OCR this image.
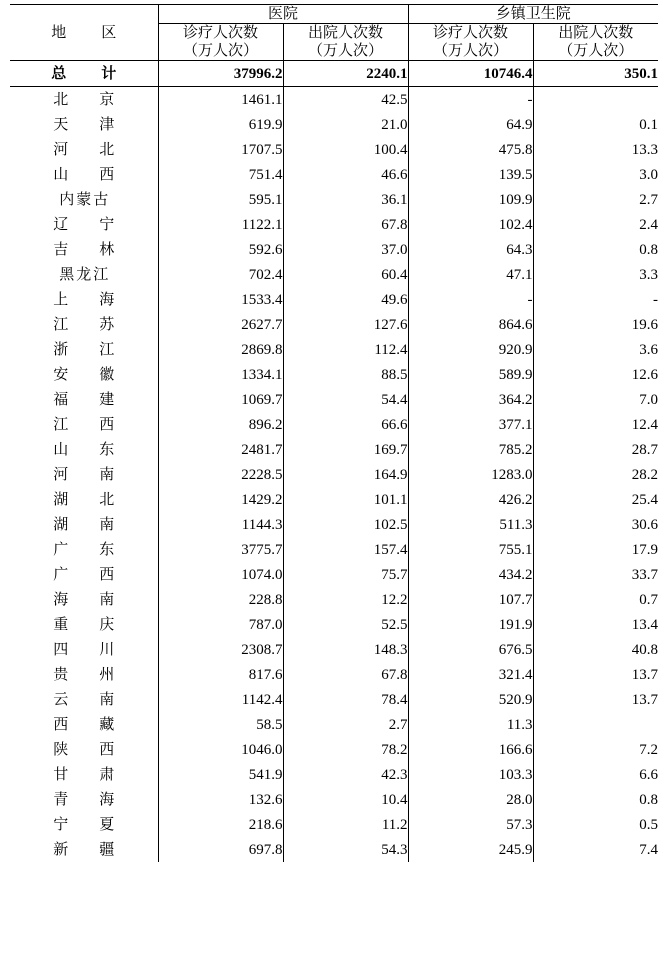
地　区	医院		乡镇卫生院	
	诊疗人次数	出院人次数	诊疗人次数	出院人次数
	（万人次）	（万人次）	（万人次）	（万人次）
总　计	37996.2	2240.1	10746.4	350.1
北　京	1461.1	42.5	-	
天　津	619.9	21.0	64.9	0.1
河　北	1707.5	100.4	475.8	13.3
山　西	751.4	46.6	139.5	3.0
内蒙古	595.1	36.1	109.9	2.7
辽　宁	1122.1	67.8	102.4	2.4
吉　林	592.6	37.0	64.3	0.8
黑龙江	702.4	60.4	47.1	3.3
上　海	1533.4	49.6	-	-
江　苏	2627.7	127.6	864.6	19.6
浙　江	2869.8	112.4	920.9	3.6
安　徽	1334.1	88.5	589.9	12.6
福　建	1069.7	54.4	364.2	7.0
江　西	896.2	66.6	377.1	12.4
山　东	2481.7	169.7	785.2	28.7
河　南	2228.5	164.9	1283.0	28.2
湖　北	1429.2	101.1	426.2	25.4
湖　南	1144.3	102.5	511.3	30.6
广　东	3775.7	157.4	755.1	17.9
广　西	1074.0	75.7	434.2	33.7
海　南	228.8	12.2	107.7	0.7
重　庆	787.0	52.5	191.9	13.4
四　川	2308.7	148.3	676.5	40.8
贵　州	817.6	67.8	321.4	13.7
云　南	1142.4	78.4	520.9	13.7
西　藏	58.5	2.7	11.3	
陕　西	1046.0	78.2	166.6	7.2
甘　肃	541.9	42.3	103.3	6.6
青　海	132.6	10.4	28.0	0.8
宁　夏	218.6	11.2	57.3	0.5
新　疆	697.8	54.3	245.9	7.4
